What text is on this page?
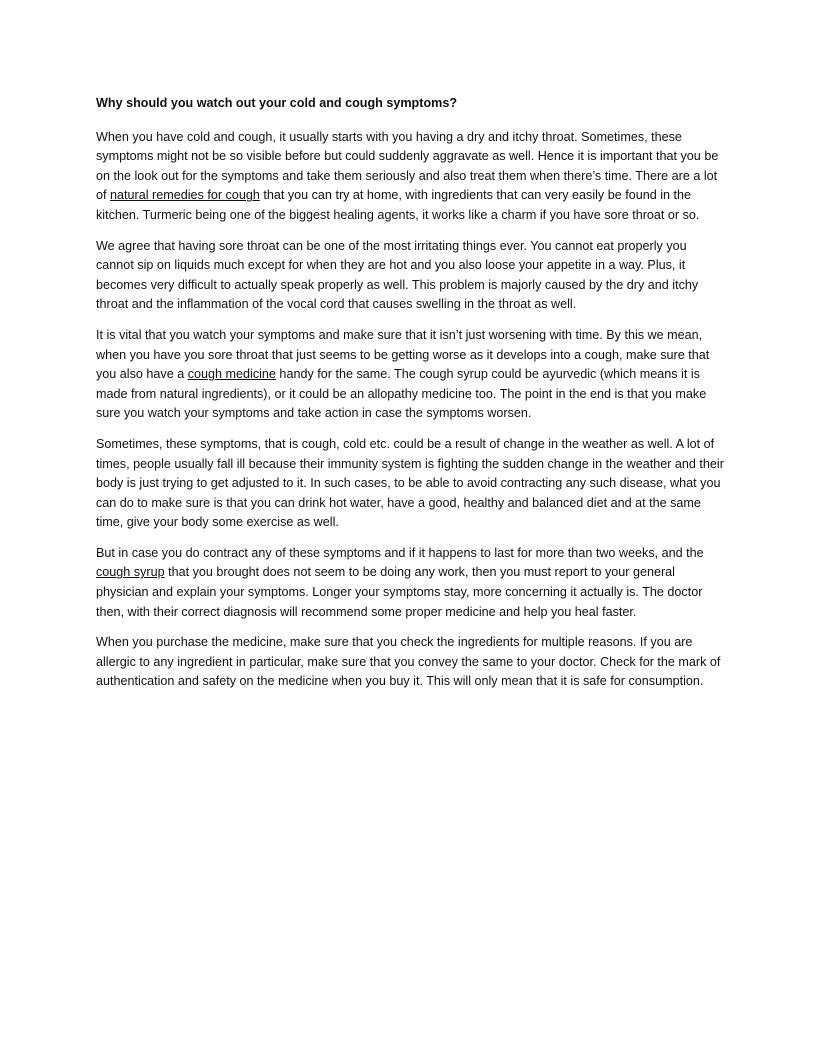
Why should you watch out your cold and cough symptoms?

When you have cold and cough, it usually starts with you having a dry and itchy throat. Sometimes, these symptoms might not be so visible before but could suddenly aggravate as well. Hence it is important that you be on the look out for the symptoms and take them seriously and also treat them when there’s time. There are a lot of natural remedies for cough that you can try at home, with ingredients that can very easily be found in the kitchen. Turmeric being one of the biggest healing agents, it works like a charm if you have sore throat or so.

We agree that having sore throat can be one of the most irritating things ever. You cannot eat properly you cannot sip on liquids much except for when they are hot and you also loose your appetite in a way. Plus, it becomes very difficult to actually speak properly as well. This problem is majorly caused by the dry and itchy throat and the inflammation of the vocal cord that causes swelling in the throat as well.

It is vital that you watch your symptoms and make sure that it isn’t just worsening with time. By this we mean, when you have you sore throat that just seems to be getting worse as it develops into a cough, make sure that you also have a cough medicine handy for the same. The cough syrup could be ayurvedic (which means it is made from natural ingredients), or it could be an allopathy medicine too. The point in the end is that you make sure you watch your symptoms and take action in case the symptoms worsen.

Sometimes, these symptoms, that is cough, cold etc. could be a result of change in the weather as well. A lot of times, people usually fall ill because their immunity system is fighting the sudden change in the weather and their body is just trying to get adjusted to it. In such cases, to be able to avoid contracting any such disease, what you can do to make sure is that you can drink hot water, have a good, healthy and balanced diet and at the same time, give your body some exercise as well.

But in case you do contract any of these symptoms and if it happens to last for more than two weeks, and the cough syrup that you brought does not seem to be doing any work, then you must report to your general physician and explain your symptoms. Longer your symptoms stay, more concerning it actually is. The doctor then, with their correct diagnosis will recommend some proper medicine and help you heal faster.

When you purchase the medicine, make sure that you check the ingredients for multiple reasons. If you are allergic to any ingredient in particular, make sure that you convey the same to your doctor. Check for the mark of authentication and safety on the medicine when you buy it. This will only mean that it is safe for consumption.
